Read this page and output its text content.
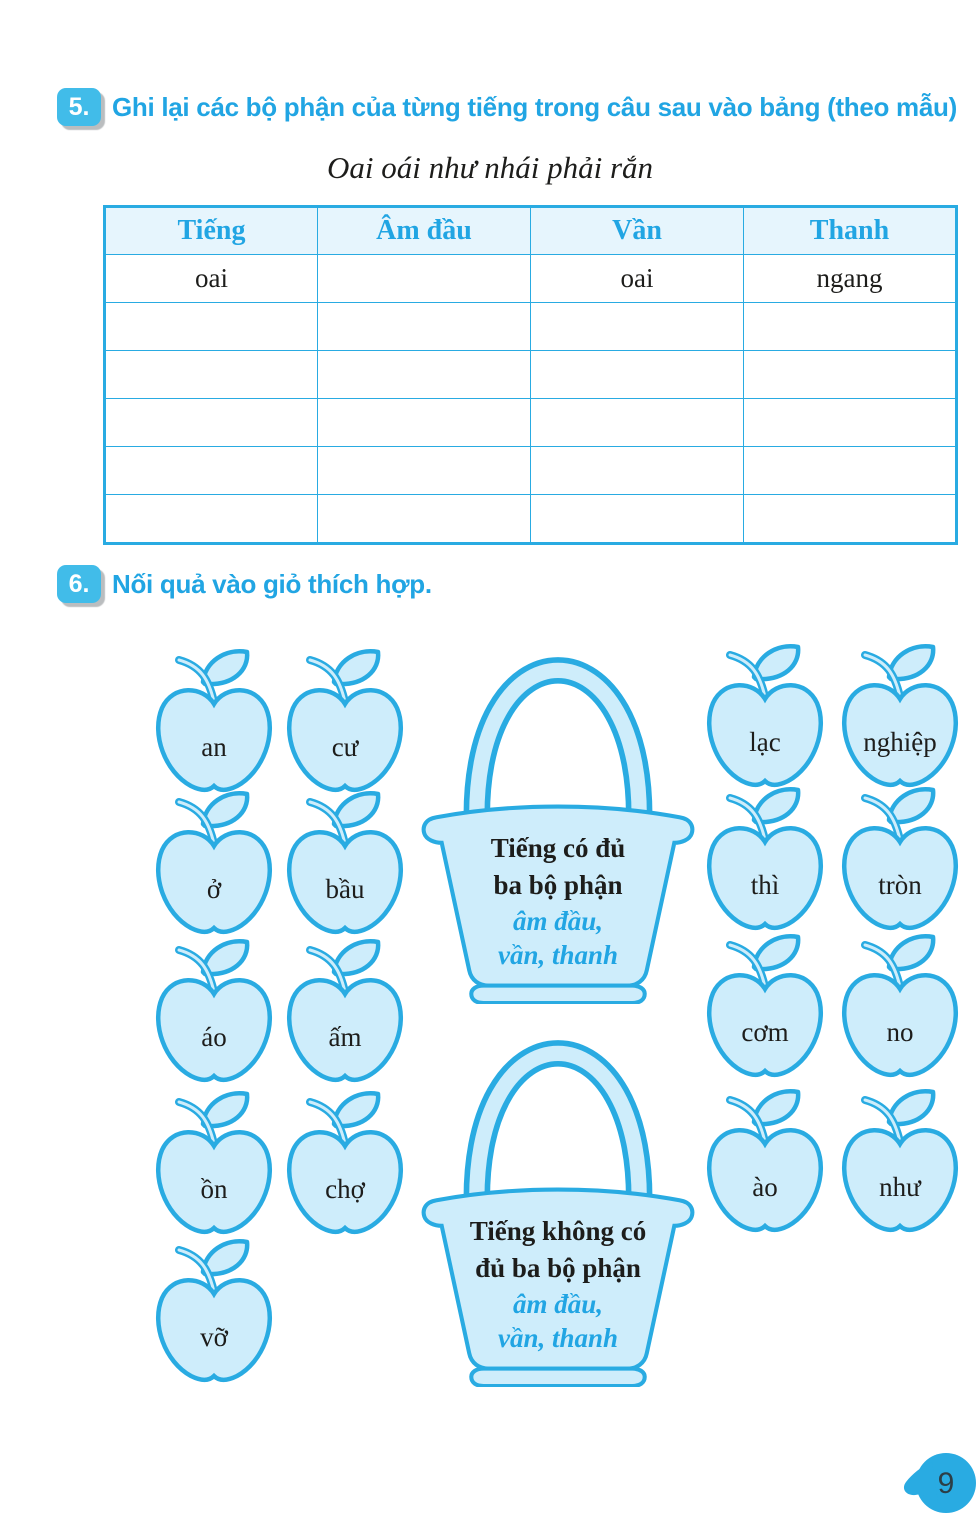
5. Ghi lại các bộ phận của từng tiếng trong câu sau vào bảng (theo mẫu)
Oai oái như nhái phải rắn
Tiếng	Âm đầu	Vần	Thanh
oai		oai	ngang

6. Nối quả vào giỏ thích hợp.
an	cư	lạc	nghiệp
ở	bầu	thì	tròn
áo	ấm	cơm	no
ồn	chợ	ào	như
vỡ
Tiếng có đủ
ba bộ phận
âm đầu,
vần, thanh
Tiếng không có
đủ ba bộ phận
âm đầu,
vần, thanh
9
